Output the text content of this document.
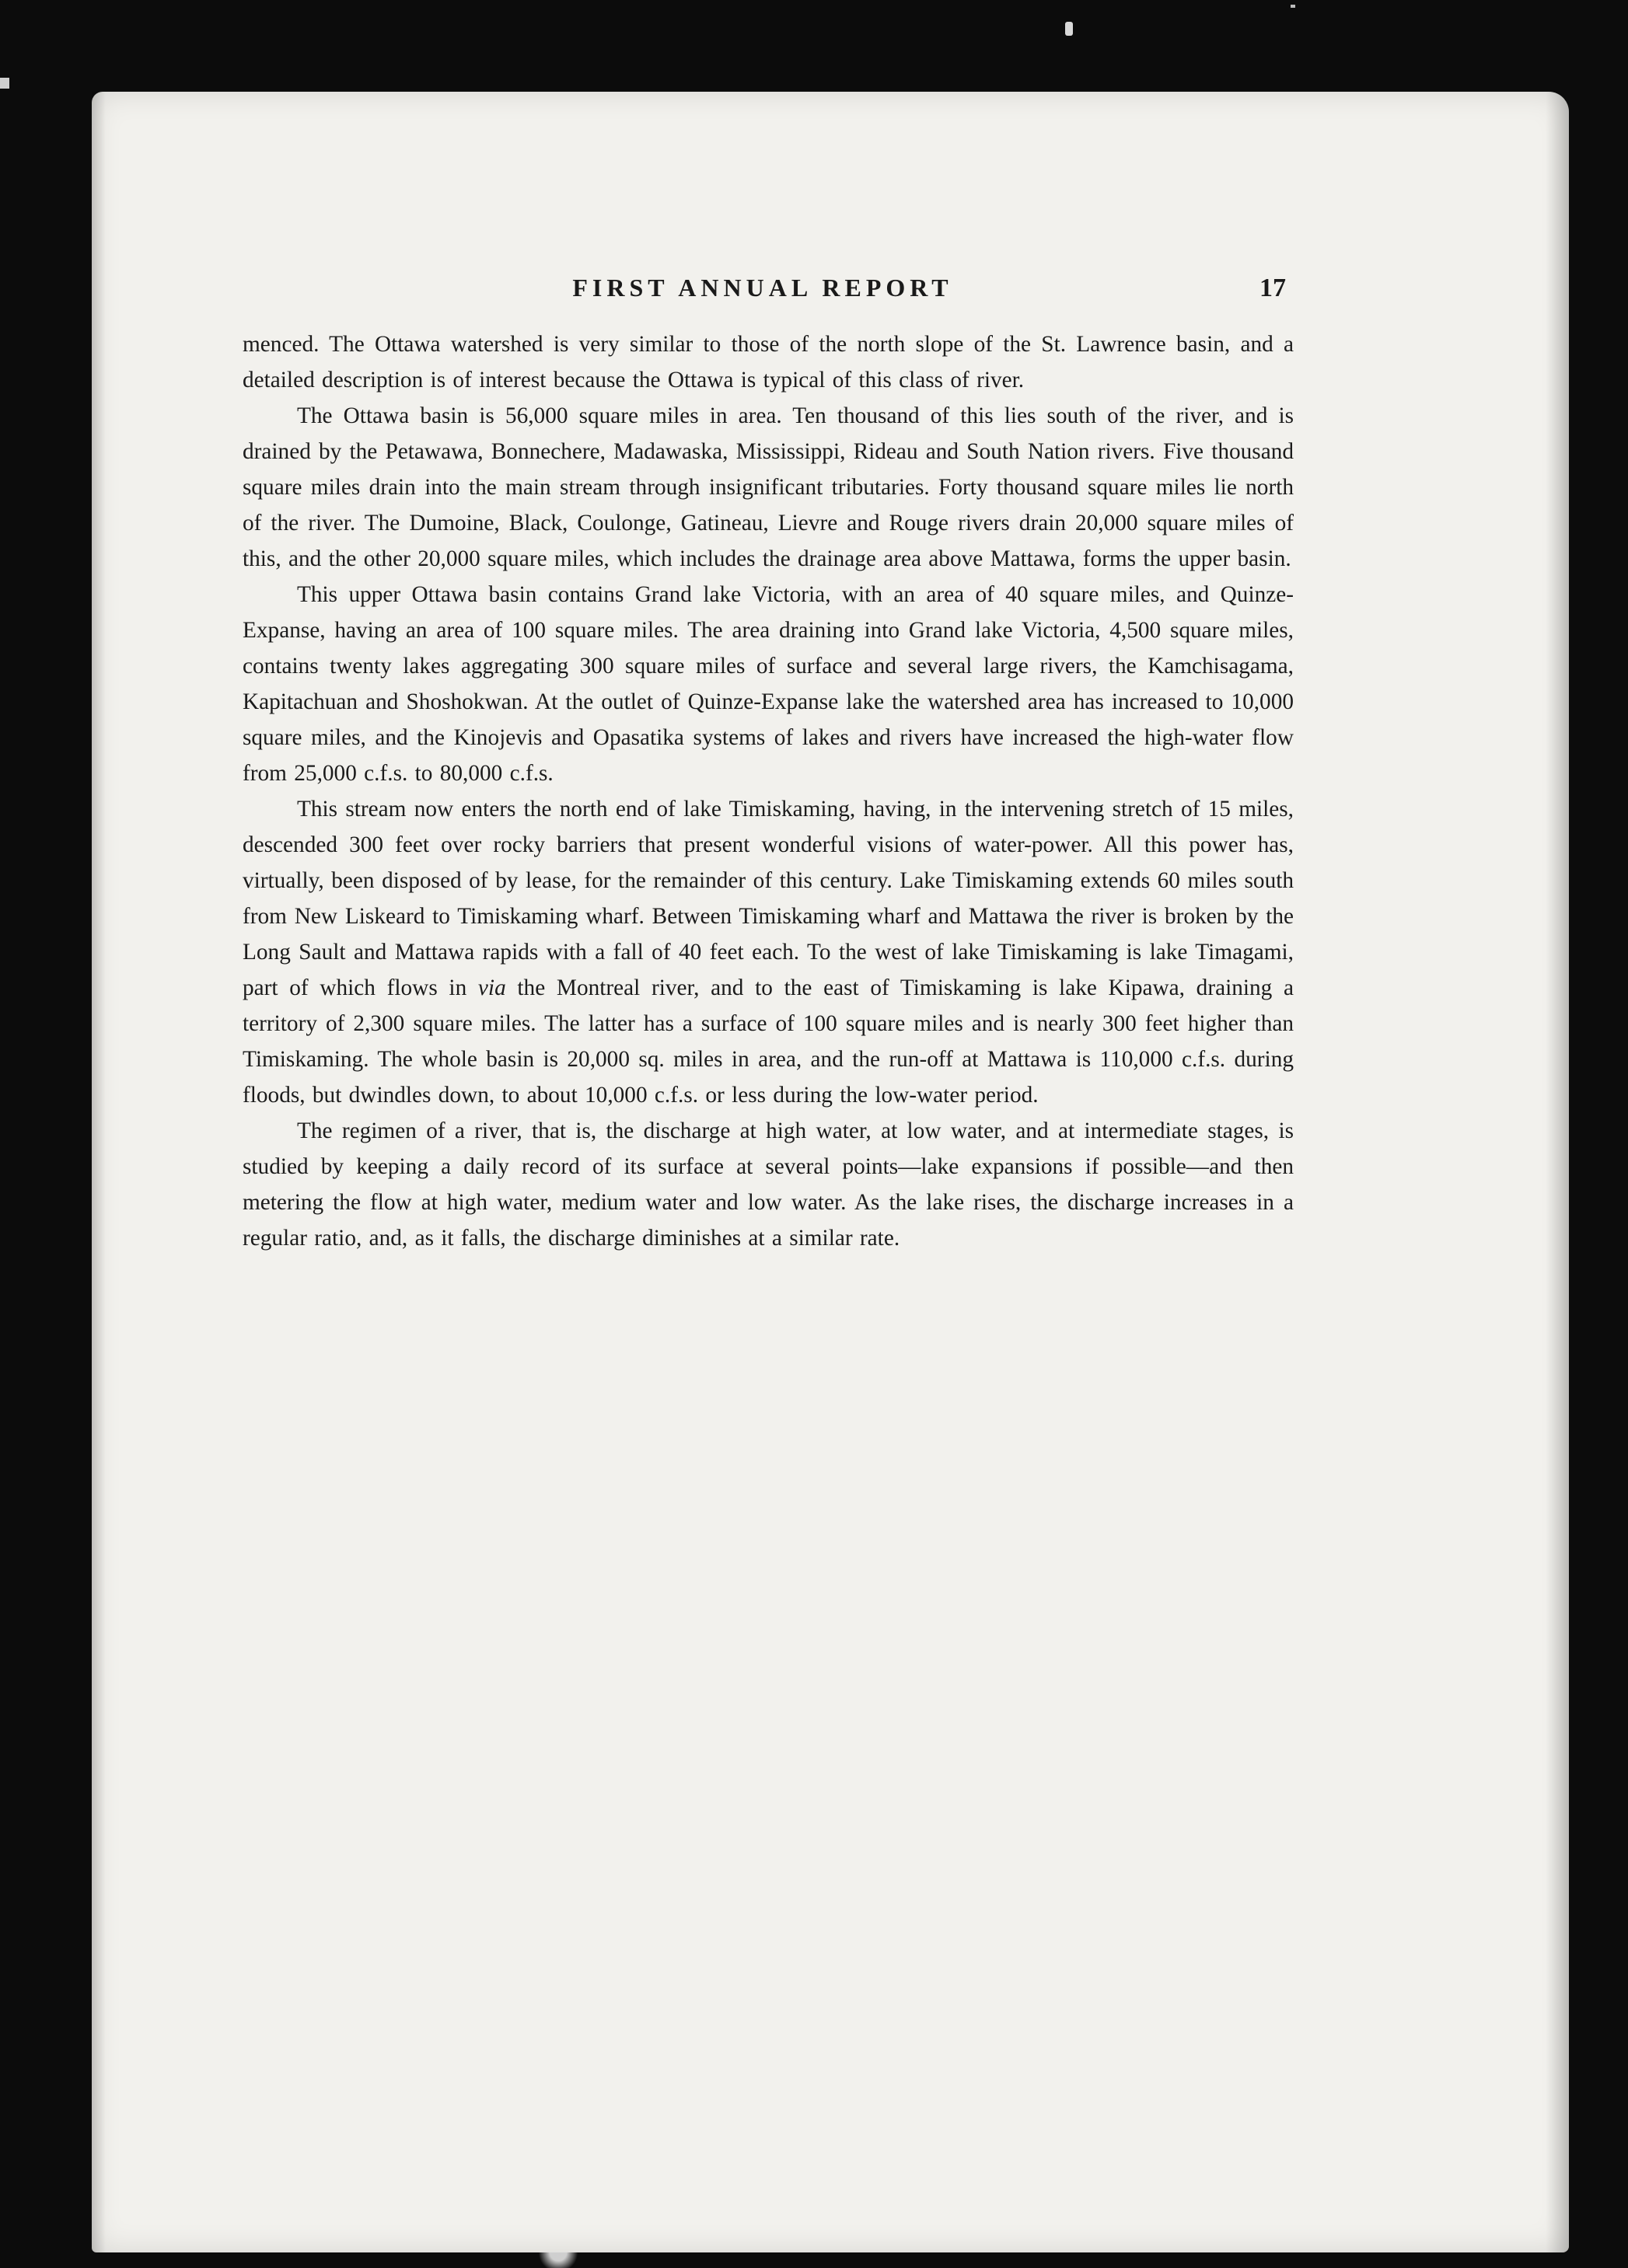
FIRST ANNUAL REPORT	17

menced. The Ottawa watershed is very similar to those of the north slope of the St. Lawrence basin, and a detailed description is of interest because the Ottawa is typical of this class of river.

The Ottawa basin is 56,000 square miles in area. Ten thousand of this lies south of the river, and is drained by the Petawawa, Bonnechere, Madawaska, Mississippi, Rideau and South Nation rivers. Five thousand square miles drain into the main stream through insignificant tributaries. Forty thousand square miles lie north of the river. The Dumoine, Black, Coulonge, Gatineau, Lievre and Rouge rivers drain 20,000 square miles of this, and the other 20,000 square miles, which includes the drainage area above Mattawa, forms the upper basin.

This upper Ottawa basin contains Grand lake Victoria, with an area of 40 square miles, and Quinze-Expanse, having an area of 100 square miles. The area draining into Grand lake Victoria, 4,500 square miles, contains twenty lakes aggregating 300 square miles of surface and several large rivers, the Kamchisagama, Kapitachuan and Shoshokwan. At the outlet of Quinze-Expanse lake the watershed area has increased to 10,000 square miles, and the Kinojevis and Opasatika systems of lakes and rivers have increased the high-water flow from 25,000 c.f.s. to 80,000 c.f.s.

This stream now enters the north end of lake Timiskaming, having, in the intervening stretch of 15 miles, descended 300 feet over rocky barriers that present wonderful visions of water-power. All this power has, virtually, been disposed of by lease, for the remainder of this century. Lake Timiskaming extends 60 miles south from New Liskeard to Timiskaming wharf. Between Timiskaming wharf and Mattawa the river is broken by the Long Sault and Mattawa rapids with a fall of 40 feet each. To the west of lake Timiskaming is lake Timagami, part of which flows in via the Montreal river, and to the east of Timiskaming is lake Kipawa, draining a territory of 2,300 square miles. The latter has a surface of 100 square miles and is nearly 300 feet higher than Timiskaming. The whole basin is 20,000 sq. miles in area, and the run-off at Mattawa is 110,000 c.f.s. during floods, but dwindles down, to about 10,000 c.f.s. or less during the low-water period.

The regimen of a river, that is, the discharge at high water, at low water, and at intermediate stages, is studied by keeping a daily record of its surface at several points—lake expansions if possible—and then metering the flow at high water, medium water and low water. As the lake rises, the discharge increases in a regular ratio, and, as it falls, the discharge diminishes at a similar rate.
